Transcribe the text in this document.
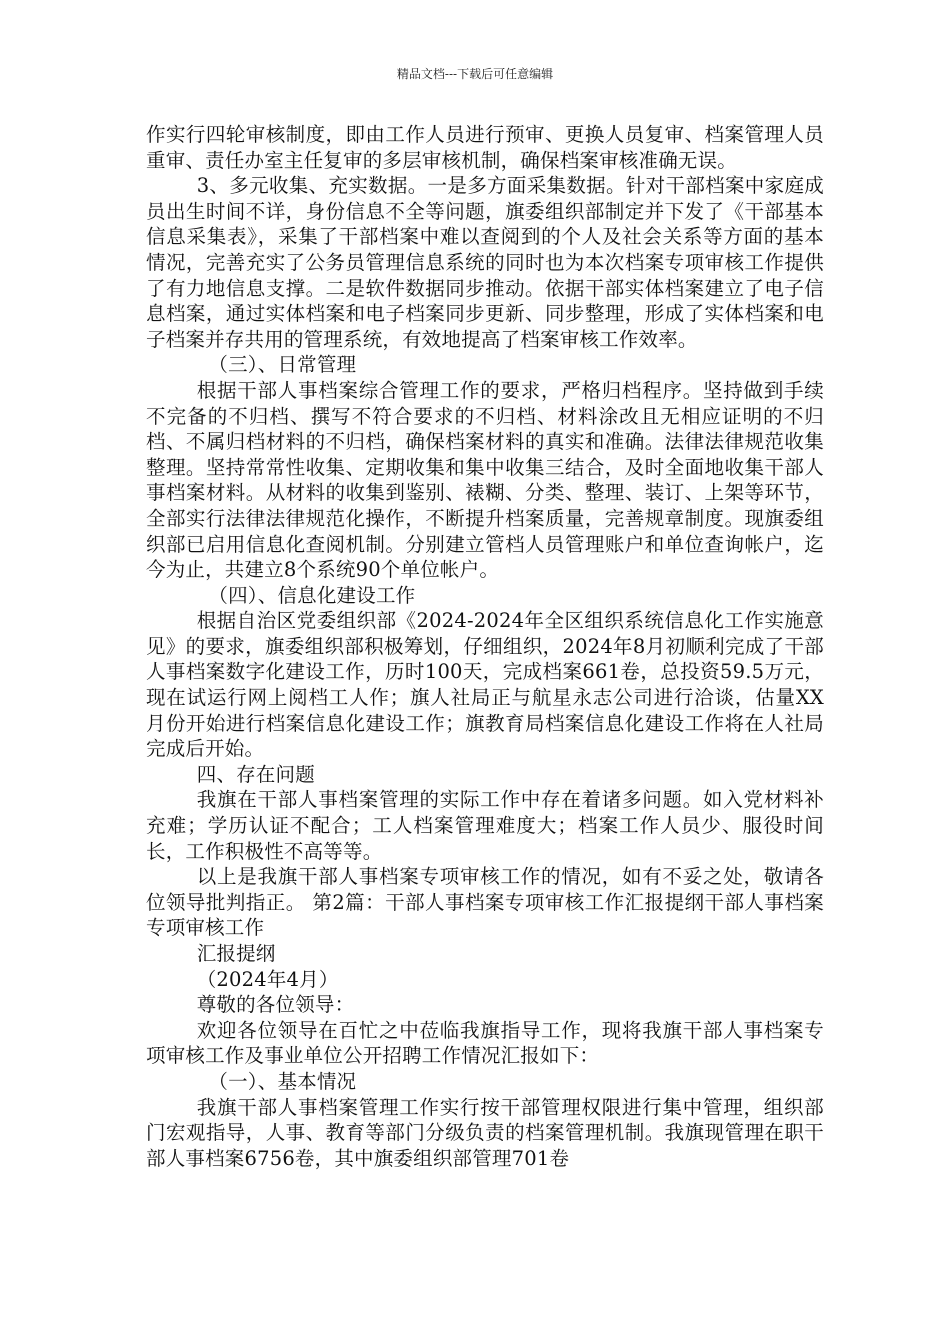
精品文档---下载后可任意编辑

作实行四轮审核制度，即由工作人员进行预审、更换人员复审、档案管理人员重审、责任办室主任复审的多层审核机制，确保档案审核准确无误。

3、多元收集、充实数据。一是多方面采集数据。针对干部档案中家庭成员出生时间不详，身份信息不全等问题，旗委组织部制定并下发了《干部基本信息采集表》，采集了干部档案中难以查阅到的个人及社会关系等方面的基本情况，完善充实了公务员管理信息系统的同时也为本次档案专项审核工作提供了有力地信息支撑。二是软件数据同步推动。依据干部实体档案建立了电子信息档案，通过实体档案和电子档案同步更新、同步整理，形成了实体档案和电子档案并存共用的管理系统，有效地提高了档案审核工作效率。

（三）、日常管理

根据干部人事档案综合管理工作的要求，严格归档程序。坚持做到手续不完备的不归档、撰写不符合要求的不归档、材料涂改且无相应证明的不归档、不属归档材料的不归档，确保档案材料的真实和准确。法律法律规范收集整理。坚持常常性收集、定期收集和集中收集三结合，及时全面地收集干部人事档案材料。从材料的收集到鉴别、裱糊、分类、整理、装订、上架等环节，全部实行法律法律规范化操作，不断提升档案质量，完善规章制度。现旗委组织部已启用信息化查阅机制。分别建立管档人员管理账户和单位查询帐户，迄今为止，共建立8个系统90个单位帐户。

（四）、信息化建设工作

根据自治区党委组织部《2024-2024年全区组织系统信息化工作实施意见》的要求，旗委组织部积极筹划，仔细组织，2024年8月初顺利完成了干部人事档案数字化建设工作，历时100天，完成档案661卷，总投资59.5万元，现在试运行网上阅档工人作；旗人社局正与航星永志公司进行洽谈，估量XX月份开始进行档案信息化建设工作；旗教育局档案信息化建设工作将在人社局完成后开始。

四、存在问题

我旗在干部人事档案管理的实际工作中存在着诸多问题。如入党材料补充难；学历认证不配合；工人档案管理难度大；档案工作人员少、服役时间长，工作积极性不高等等。

以上是我旗干部人事档案专项审核工作的情况，如有不妥之处，敬请各位领导批判指正。 第2篇：干部人事档案专项审核工作汇报提纲干部人事档案专项审核工作

汇报提纲

（2024年4月）

尊敬的各位领导：

欢迎各位领导在百忙之中莅临我旗指导工作，现将我旗干部人事档案专项审核工作及事业单位公开招聘工作情况汇报如下：

（一）、基本情况

我旗干部人事档案管理工作实行按干部管理权限进行集中管理，组织部门宏观指导，人事、教育等部门分级负责的档案管理机制。我旗现管理在职干部人事档案6756卷，其中旗委组织部管理701卷
